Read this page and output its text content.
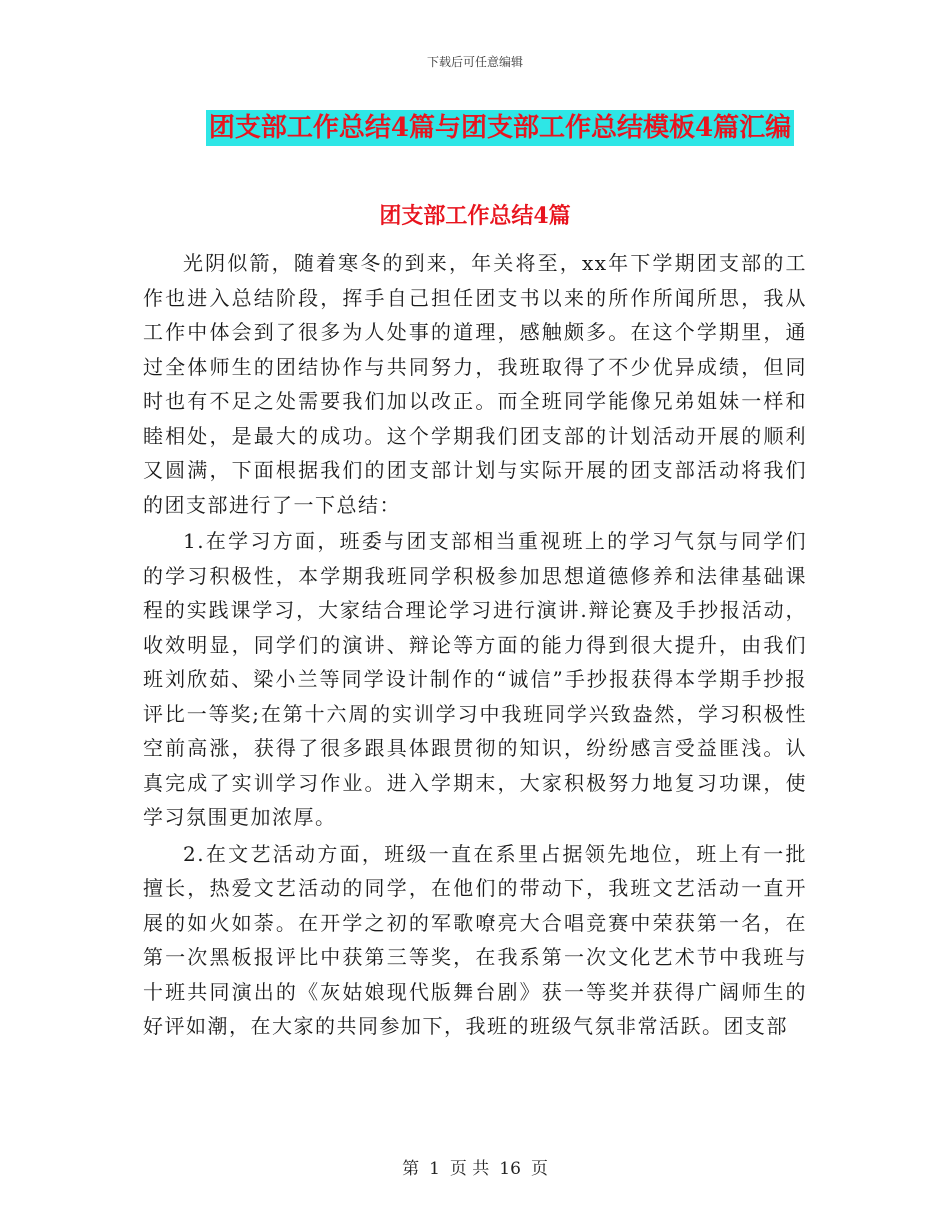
下载后可任意编辑
团支部工作总结4篇与团支部工作总结模板4篇汇编
团支部工作总结4篇

光阴似箭，随着寒冬的到来，年关将至，xx年下学期团支部的工作也进入总结阶段，挥手自己担任团支书以来的所作所闻所思，我从工作中体会到了很多为人处事的道理，感触颇多。在这个学期里，通过全体师生的团结协作与共同努力，我班取得了不少优异成绩，但同时也有不足之处需要我们加以改正。而全班同学能像兄弟姐妹一样和睦相处，是最大的成功。这个学期我们团支部的计划活动开展的顺利又圆满，下面根据我们的团支部计划与实际开展的团支部活动将我们的团支部进行了一下总结：

1.在学习方面，班委与团支部相当重视班上的学习气氛与同学们的学习积极性，本学期我班同学积极参加思想道德修养和法律基础课程的实践课学习，大家结合理论学习进行演讲.辩论赛及手抄报活动，收效明显，同学们的演讲、辩论等方面的能力得到很大提升，由我们班刘欣茹、梁小兰等同学设计制作的“诚信”手抄报获得本学期手抄报评比一等奖;在第十六周的实训学习中我班同学兴致盎然，学习积极性空前高涨，获得了很多跟具体跟贯彻的知识，纷纷感言受益匪浅。认真完成了实训学习作业。进入学期末，大家积极努力地复习功课，使学习氛围更加浓厚。

2.在文艺活动方面，班级一直在系里占据领先地位，班上有一批擅长，热爱文艺活动的同学，在他们的带动下，我班文艺活动一直开展的如火如荼。在开学之初的军歌嘹亮大合唱竞赛中荣获第一名，在第一次黑板报评比中获第三等奖，在我系第一次文化艺术节中我班与十班共同演出的《灰姑娘现代版舞台剧》获一等奖并获得广阔师生的好评如潮，在大家的共同参加下，我班的班级气氛非常活跃。团支部

第 1 页 共 16 页
